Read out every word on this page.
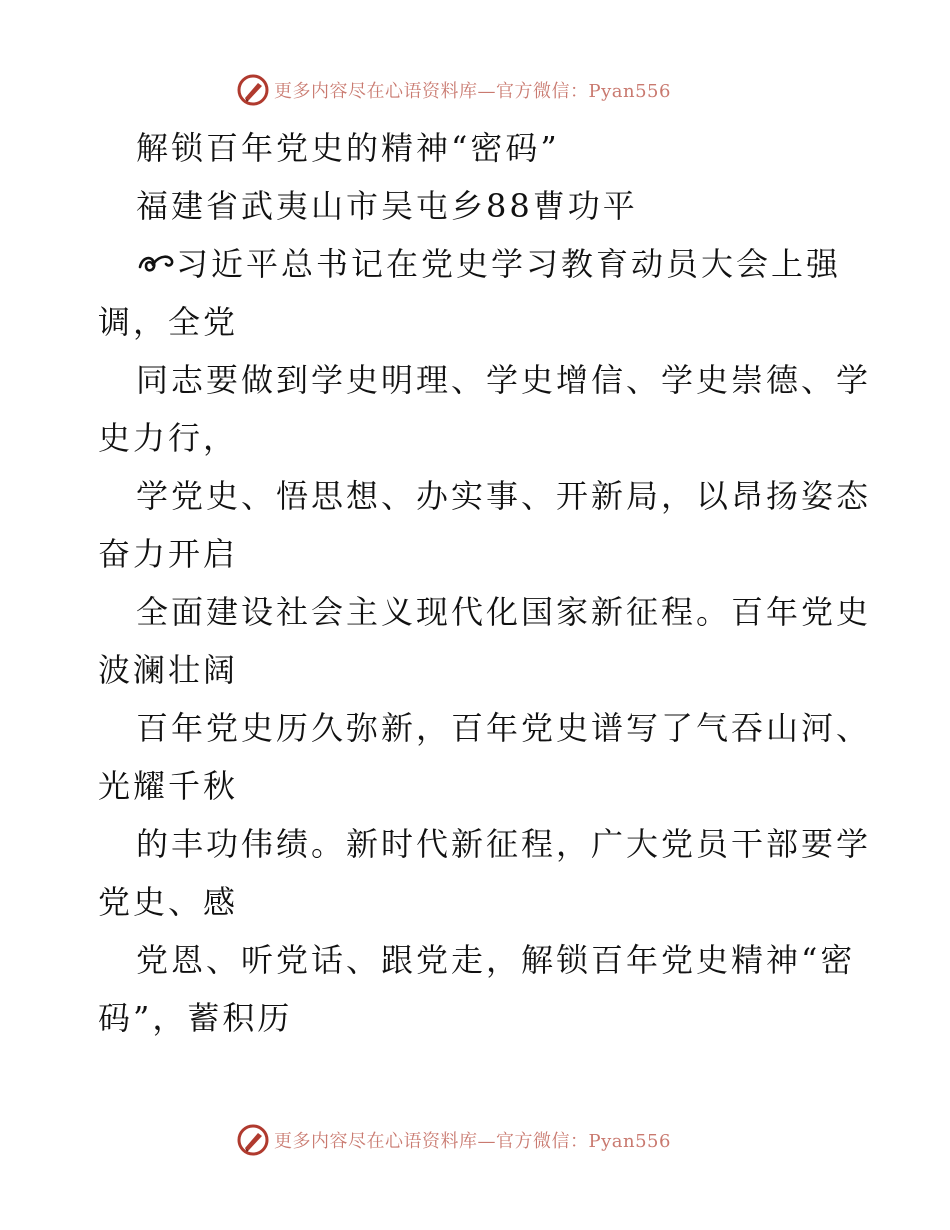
更多内容尽在心语资料库—官方微信：Pyan556
解锁百年党史的精神“密码”
福建省武夷山市吴屯乡88曹功平
习近平总书记在党史学习教育动员大会上强
调，全党
同志要做到学史明理、学史增信、学史崇德、学
史力行，
学党史、悟思想、办实事、开新局，以昂扬姿态
奋力开启
全面建设社会主义现代化国家新征程。百年党史
波澜壮阔
百年党史历久弥新，百年党史谱写了气吞山河、
光耀千秋
的丰功伟绩。新时代新征程，广大党员干部要学
党史、感
党恩、听党话、跟党走，解锁百年党史精神“密
码”，蓄积历
更多内容尽在心语资料库—官方微信：Pyan556
